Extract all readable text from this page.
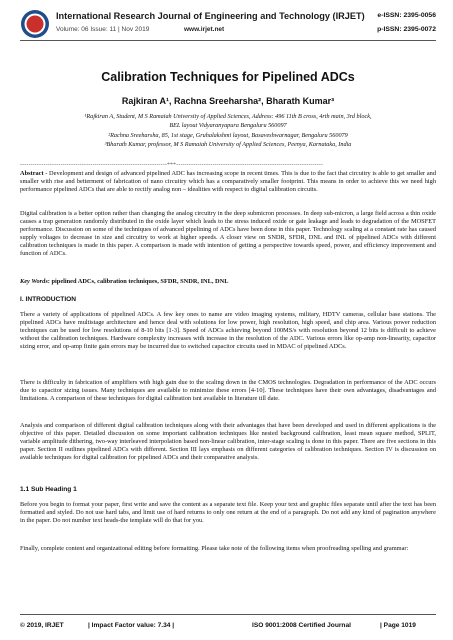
International Research Journal of Engineering and Technology (IRJET)
Volume: 06 Issue: 11 | Nov 2019	www.irjet.net
e-ISSN: 2395-0056
p-ISSN: 2395-0072
Calibration Techniques for Pipelined ADCs
Rajkiran A¹, Rachna Sreeharsha², Bharath Kumar³
¹Rajkiran A, Student, M S Ramaiah University of Applied Sciences, Address: 496 11th B cross, 4rth main, 3rd block,
BEL layout Vidyaranyapura Bengaluru 560097
²Rachna Sreeharsha, 85, 1st stage, Gruhalakshmi layout, Basaveshwarnagar, Bengaluru 560079
³Bharath Kumar, professor, M S Ramaiah University of Applied Sciences, Peenya, Karnataka, India
---------------------------------------------------------------------***---------------------------------------------------------------------

Abstract - Development and design of advanced pipelined ADC has increasing scope in recent times. This is due to the fact that circuitry is able to get smaller and smaller with rise and betterment of fabrication of nano circuitry which has a comparatively smaller footprint. This means in order to achieve this we need high performance pipelined ADCs that are able to rectify analog non – idealities with respect to digital calibration circuits.

Digital calibration is a better option rather than changing the analog circuitry in the deep submicron processes. In deep sub-micron, a large field across a thin oxide causes a trap generation randomly distributed in the oxide layer which leads to the stress induced oxide or gate leakage and leads to degradation of the MOSFET performance. Discussion on some of the techniques of advanced pipelining of ADCs have been done in this paper. Technology scaling at a constant rate has caused supply voltages to decrease in size and circuitry to work at higher speeds. A closer view on SNDR, SFDR, DNL and INL of pipelined ADCs with different calibration techniques is made in this paper. A comparison is made with intention of getting a perspective towards speed, power, and efficiency improvement and function of ADCs.

Key Words: pipelined ADCs, calibration techniques, SFDR, SNDR, INL, DNL

I. INTRODUCTION

There a variety of applications of pipelined ADCs. A few key ones to name are video imaging systems, military, HDTV cameras, cellular base stations. The pipelined ADCs have multistage architecture and hence deal with solutions for low power, high resolution, high speed, and chip area. Various power reduction techniques can be used for low resolutions of 8-10 bits [1-3]. Speed of ADCs achieving beyond 100MS/s with resolution beyond 12 bits is difficult to achieve without the calibration techniques. Hardware complexity increases with increase in the resolution of the ADC. Various errors like op-amp non-linearity, capacitor sizing error, and op-amp finite gain errors may be incurred due to switched capacitor circuits used in MDAC of pipelined ADCs.

There is difficulty in fabrication of amplifiers with high gain due to the scaling down in the CMOS technologies. Degradation in performance of the ADC occurs due to capacitor sizing issues. Many techniques are available to minimize these errors [4-10]. These techniques have their own advantages, disadvantages and limitations. A comparison of these techniques for digital calibration isnt available in literature till date.

Analysis and comparison of different digital calibration techniques along with their advantages that have been developed and used in different applications is the objective of this paper. Detailed discussion on some important calibration techniques like nested background calibration, least mean square method, SPLIT, variable amplitude dithering, two-way interleaved interpolation based non-linear calibration, inter-stage scaling is done in this paper. There are five sections in this paper. Section II outlines pipelined ADCs with different. Section III lays emphasis on different categories of calibration techniques. Section IV is discussion on available techniques for digital calibration for pipelined ADCs and their comparative analysis.

1.1 Sub Heading 1

Before you begin to format your paper, first write and save the content as a separate text file. Keep your text and graphic files separate until after the text has been formatted and styled. Do not use hard tabs, and limit use of hard returns to only one return at the end of a paragraph. Do not add any kind of pagination anywhere in the paper. Do not number text heads-the template will do that for you.

Finally, complete content and organizational editing before formatting. Please take note of the following items when proofreading spelling and grammar:

© 2019, IRJET	| Impact Factor value: 7.34 |	ISO 9001:2008 Certified Journal	| Page 1019
